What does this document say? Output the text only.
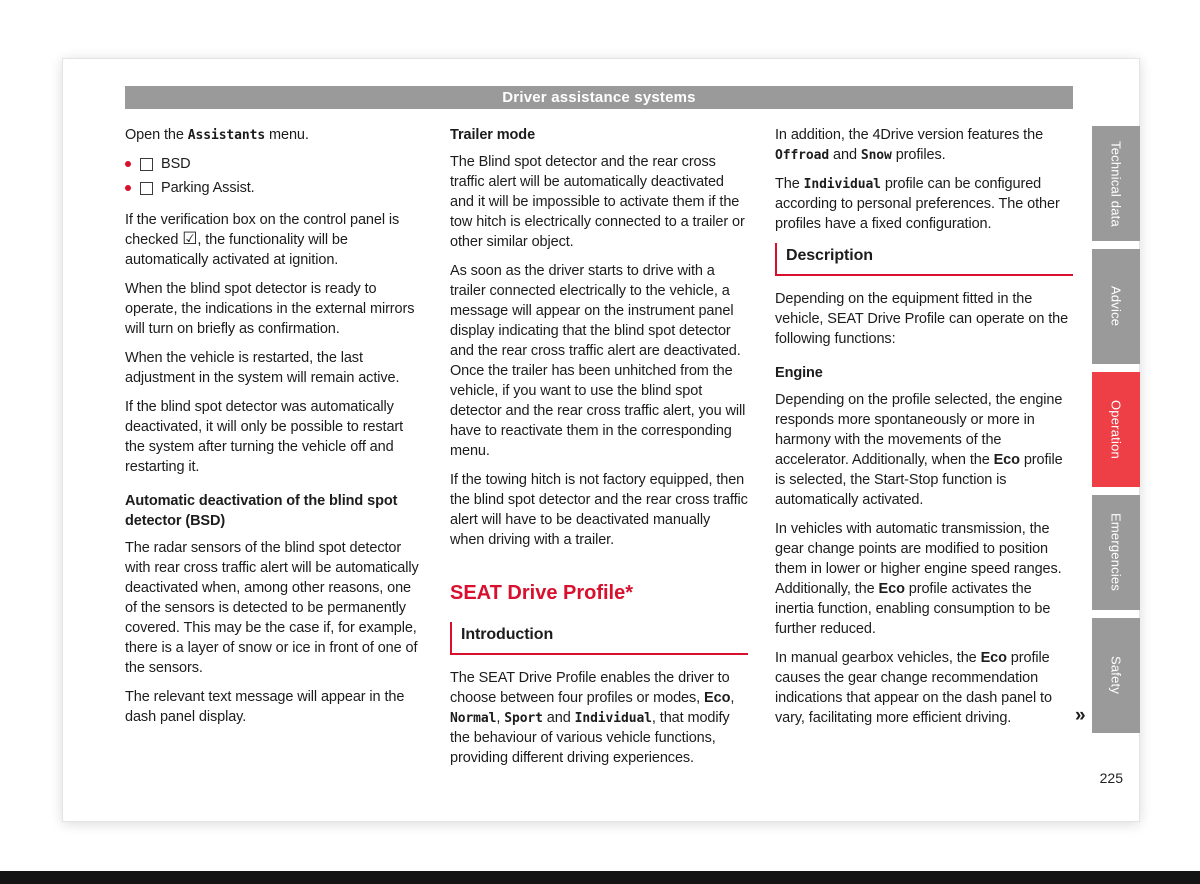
Driver assistance systems

Open the Assistants menu.

BSD
Parking Assist.

If the verification box on the control panel is checked ☑, the functionality will be automatically activated at ignition.

When the blind spot detector is ready to operate, the indications in the external mirrors will turn on briefly as confirmation.

When the vehicle is restarted, the last adjustment in the system will remain active.

If the blind spot detector was automatically deactivated, it will only be possible to restart the system after turning the vehicle off and restarting it.

Automatic deactivation of the blind spot detector (BSD)

The radar sensors of the blind spot detector with rear cross traffic alert will be automatically deactivated when, among other reasons, one of the sensors is detected to be permanently covered. This may be the case if, for example, there is a layer of snow or ice in front of one of the sensors.

The relevant text message will appear in the dash panel display.

Trailer mode

The Blind spot detector and the rear cross traffic alert will be automatically deactivated and it will be impossible to activate them if the tow hitch is electrically connected to a trailer or other similar object.

As soon as the driver starts to drive with a trailer connected electrically to the vehicle, a message will appear on the instrument panel display indicating that the blind spot detector and the rear cross traffic alert are deactivated. Once the trailer has been unhitched from the vehicle, if you want to use the blind spot detector and the rear cross traffic alert, you will have to reactivate them in the corresponding menu.

If the towing hitch is not factory equipped, then the blind spot detector and the rear cross traffic alert will have to be deactivated manually when driving with a trailer.

SEAT Drive Profile*
Introduction

The SEAT Drive Profile enables the driver to choose between four profiles or modes, Eco, Normal, Sport and Individual, that modify the behaviour of various vehicle functions, providing different driving experiences.

In addition, the 4Drive version features the Offroad and Snow profiles.

The Individual profile can be configured according to personal preferences. The other profiles have a fixed configuration.

Description

Depending on the equipment fitted in the vehicle, SEAT Drive Profile can operate on the following functions:

Engine

Depending on the profile selected, the engine responds more spontaneously or more in harmony with the movements of the accelerator. Additionally, when the Eco profile is selected, the Start-Stop function is automatically activated.

In vehicles with automatic transmission, the gear change points are modified to position them in lower or higher engine speed ranges. Additionally, the Eco profile activates the inertia function, enabling consumption to be further reduced.

In manual gearbox vehicles, the Eco profile causes the gear change recommendation indications that appear on the dash panel to vary, facilitating more efficient driving.

Technical data
Advice
Operation
Emergencies
Safety
»
225
